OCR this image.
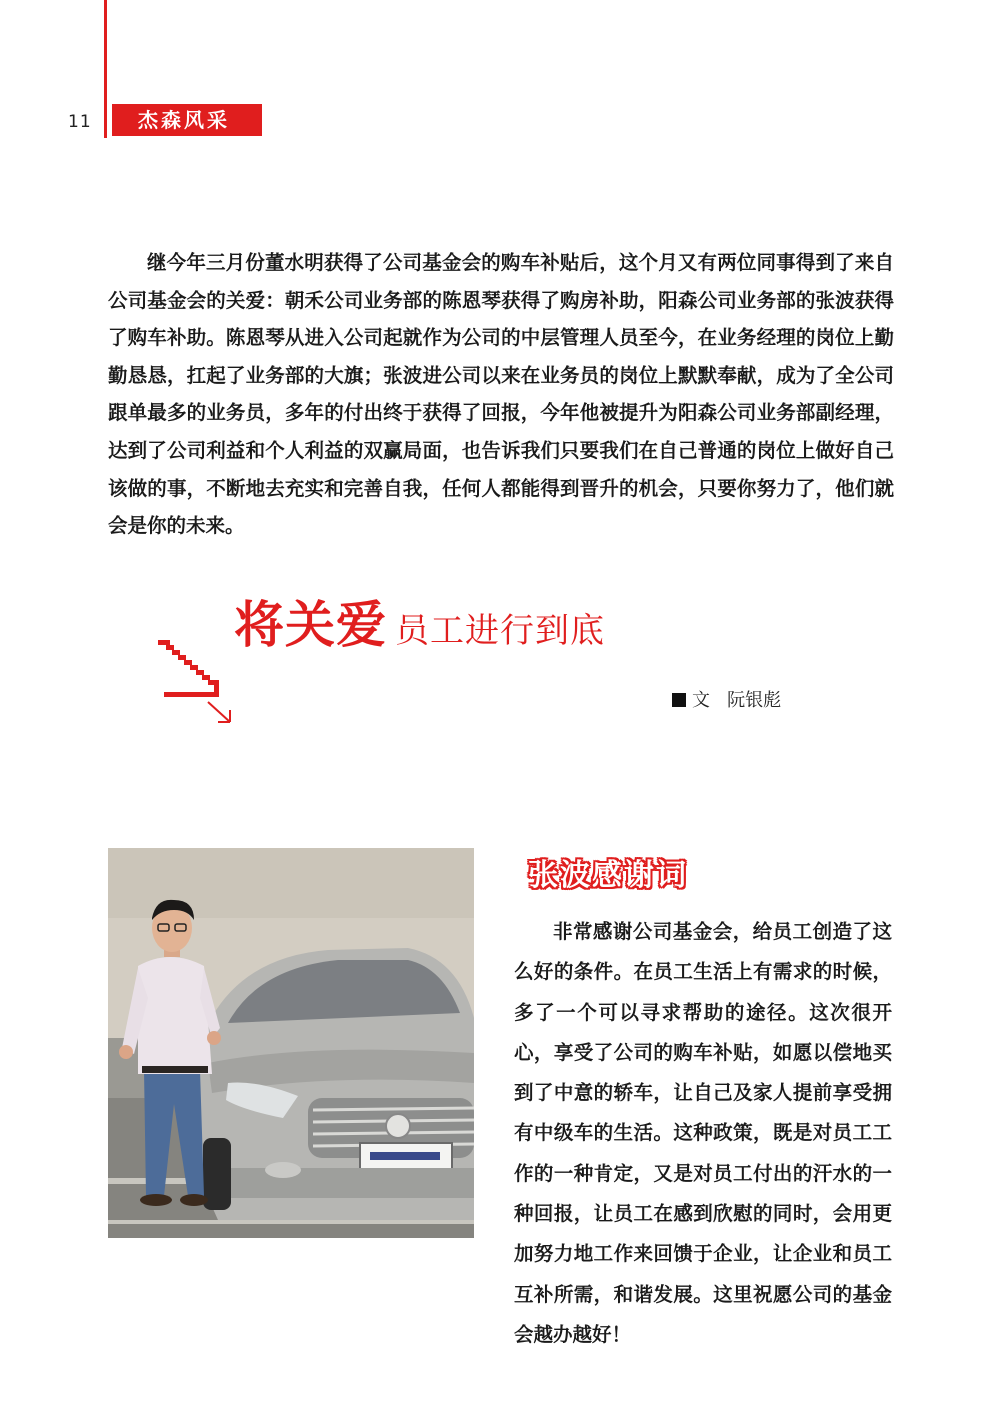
11	杰森风采

继今年三月份董水明获得了公司基金会的购车补贴后，这个月又有两位同事得到了来自公司基金会的关爱：朝禾公司业务部的陈恩琴获得了购房补助，阳森公司业务部的张波获得了购车补助。陈恩琴从进入公司起就作为公司的中层管理人员至今，在业务经理的岗位上勤勤恳恳，扛起了业务部的大旗；张波进公司以来在业务员的岗位上默默奉献，成为了全公司跟单最多的业务员，多年的付出终于获得了回报，今年他被提升为阳森公司业务部副经理，达到了公司利益和个人利益的双赢局面，也告诉我们只要我们在自己普通的岗位上做好自己该做的事，不断地去充实和完善自我，任何人都能得到晋升的机会，只要你努力了，他们就会是你的未来。

将关爱 员工进行到底
文 阮银彪
张波感谢词

非常感谢公司基金会，给员工创造了这么好的条件。在员工生活上有需求的时候，多了一个可以寻求帮助的途径。这次很开心，享受了公司的购车补贴，如愿以偿地买到了中意的轿车，让自己及家人提前享受拥有中级车的生活。这种政策，既是对员工工作的一种肯定，又是对员工付出的汗水的一种回报，让员工在感到欣慰的同时，会用更加努力地工作来回馈于企业，让企业和员工互补所需，和谐发展。这里祝愿公司的基金会越办越好！
